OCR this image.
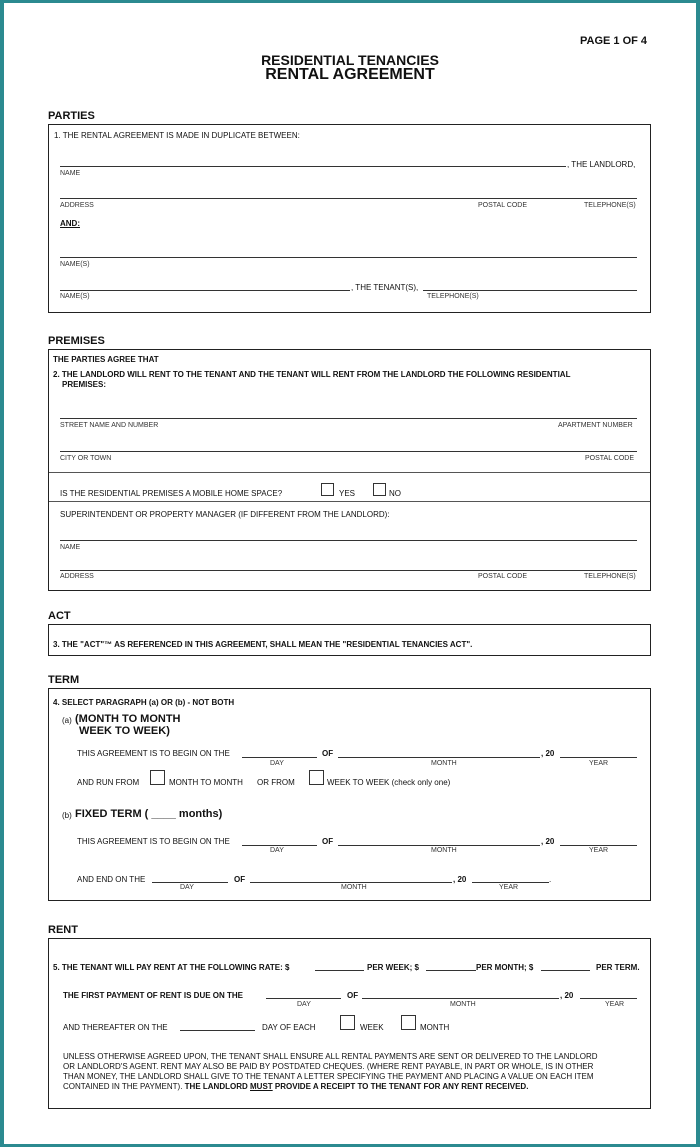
PAGE 1 OF 4
RESIDENTIAL TENANCIES
RENTAL AGREEMENT
PARTIES
1. THE RENTAL AGREEMENT IS MADE IN DUPLICATE BETWEEN:
, THE LANDLORD,
NAME
ADDRESS	POSTAL CODE	TELEPHONE(S)
AND:
NAME(S)
, THE TENANT(S),
NAME(S)	TELEPHONE(S)
PREMISES
THE PARTIES AGREE THAT
2. THE LANDLORD WILL RENT TO THE TENANT AND THE TENANT WILL RENT FROM THE LANDLORD THE FOLLOWING RESIDENTIAL
PREMISES:
STREET NAME AND NUMBER	APARTMENT NUMBER
CITY OR TOWN	POSTAL CODE
IS THE RESIDENTIAL PREMISES A MOBILE HOME SPACE?	YES	NO
SUPERINTENDENT OR PROPERTY MANAGER (IF DIFFERENT FROM THE LANDLORD):
NAME
ADDRESS	POSTAL CODE	TELEPHONE(S)
ACT
3. THE "ACT"™ AS REFERENCED IN THIS AGREEMENT, SHALL MEAN THE "RESIDENTIAL TENANCIES ACT".
TERM
4. SELECT PARAGRAPH (a) OR (b) - NOT BOTH
(a) (MONTH TO MONTH
WEEK TO WEEK)
THIS AGREEMENT IS TO BEGIN ON THE	OF	, 20
DAY	MONTH	YEAR
AND RUN FROM	MONTH TO MONTH OR FROM	WEEK TO WEEK (check only one)
(b) FIXED TERM ( ____ months)
THIS AGREEMENT IS TO BEGIN ON THE	OF	, 20
DAY	MONTH	YEAR
AND END ON THE	OF	, 20	.
DAY	MONTH	YEAR
RENT
5. THE TENANT WILL PAY RENT AT THE FOLLOWING RATE: $	PER WEEK; $	PER MONTH; $	PER TERM.
THE FIRST PAYMENT OF RENT IS DUE ON THE	OF	, 20
DAY	MONTH	YEAR
AND THEREAFTER ON THE	DAY OF EACH	WEEK	MONTH
UNLESS OTHERWISE AGREED UPON, THE TENANT SHALL ENSURE ALL RENTAL PAYMENTS ARE SENT OR DELIVERED TO THE LANDLORD
OR LANDLORD'S AGENT. RENT MAY ALSO BE PAID BY POSTDATED CHEQUES. (WHERE RENT PAYABLE, IN PART OR WHOLE, IS IN OTHER
THAN MONEY, THE LANDLORD SHALL GIVE TO THE TENANT A LETTER SPECIFYING THE PAYMENT AND PLACING A VALUE ON EACH ITEM
CONTAINED IN THE PAYMENT). THE LANDLORD MUST PROVIDE A RECEIPT TO THE TENANT FOR ANY RENT RECEIVED.
